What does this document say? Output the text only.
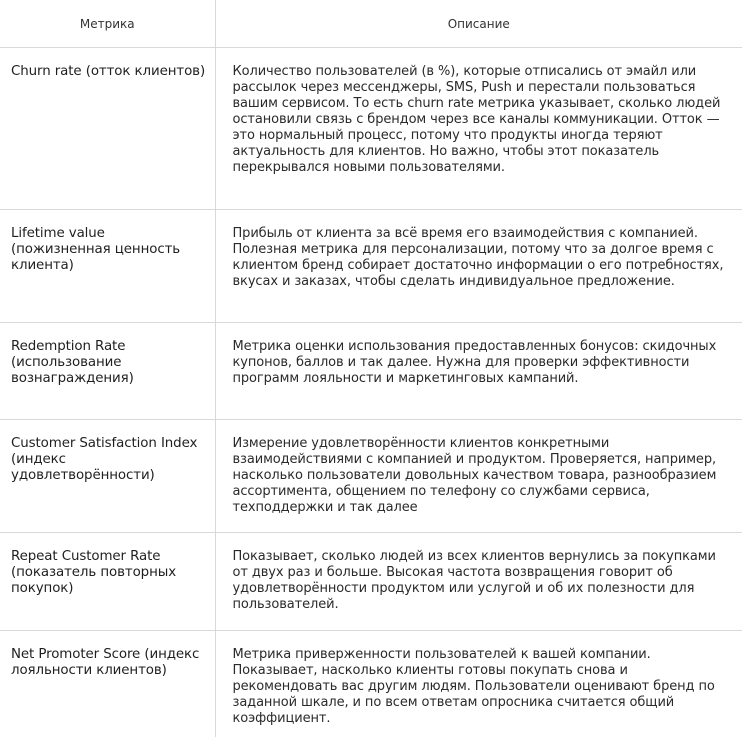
Метрика	Описание
Churn rate (отток клиентов)	Количество пользователей (в %), которые отписались от эмайл или рассылок через мессенджеры, SMS, Push и перестали пользоваться вашим сервисом. То есть churn rate метрика указывает, сколько людей остановили связь с брендом через все каналы коммуникации. Отток — это нормальный процесс, потому что продукты иногда теряют актуальность для клиентов. Но важно, чтобы этот показатель перекрывался новыми пользователями.
Lifetime value (пожизненная ценность клиента)	Прибыль от клиента за всё время его взаимодействия с компанией. Полезная метрика для персонализации, потому что за долгое время с клиентом бренд собирает достаточно информации о его потребностях, вкусах и заказах, чтобы сделать индивидуальное предложение.
Redemption Rate (использование вознаграждения)	Метрика оценки использования предоставленных бонусов: скидочных купонов, баллов и так далее. Нужна для проверки эффективности программ лояльности и маркетинговых кампаний.
Customer Satisfaction Index (индекс удовлетворённости)	Измерение удовлетворённости клиентов конкретными взаимодействиями с компанией и продуктом. Проверяется, например, насколько пользователи довольных качеством товара, разнообразием ассортимента, общением по телефону со службами сервиса, техподдержки и так далее
Repeat Customer Rate (показатель повторных покупок)	Показывает, сколько людей из всех клиентов вернулись за покупками от двух раз и больше. Высокая частота возвращения говорит об удовлетворённости продуктом или услугой и об их полезности для пользователей.
Net Promoter Score (индекс лояльности клиентов)	Метрика приверженности пользователей к вашей компании. Показывает, насколько клиенты готовы покупать снова и рекомендовать вас другим людям. Пользователи оценивают бренд по заданной шкале, и по всем ответам опросника считается общий коэффициент.
